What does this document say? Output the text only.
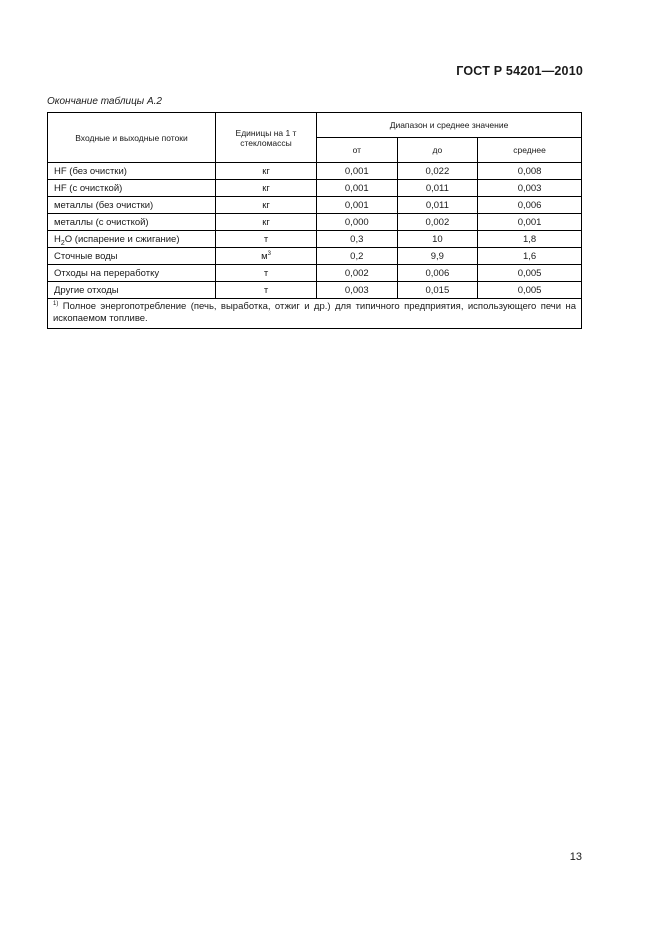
ГОСТ Р 54201—2010
Окончание таблицы А.2
Входные и выходные потоки	Единицы на 1 т стекломассы	Диапазон и среднее значение		
		от	до	среднее
HF (без очистки)	кг	0,001	0,022	0,008
HF (с очисткой)	кг	0,001	0,011	0,003
металлы (без очистки)	кг	0,001	0,011	0,006
металлы (с очисткой)	кг	0,000	0,002	0,001
$H_2O$ (испарение и сжигание)	т	0,3	10	1,8
Сточные воды	$м^3$	0,2	9,9	1,6
Отходы на переработку	т	0,002	0,006	0,005
Другие отходы	т	0,003	0,015	0,005
$^{1)}$ Полное энергопотребление (печь, выработка, отжиг и др.) для типичного предприятия, использующего печи на ископаемом топливе.				
13
